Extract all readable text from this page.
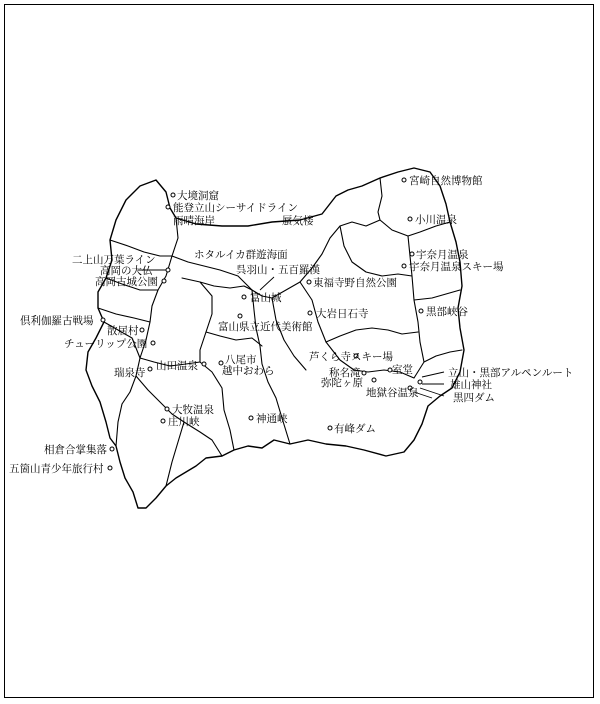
宮崎自然博物館
大境洞窟
能登立山シーサイドライン
雨晴海岸	蜃気楼	小川温泉
ホタルイカ群遊海面	宇奈月温泉
宇奈月温泉スキー場
二上山万葉ライン
高岡の大仏
高岡古城公園
呉羽山・五百羅漢
東福寺野自然公園
富山城
黒部峡谷
倶利伽羅古戦場
大岩日石寺
散居村	富山県立近代美術館
チューリップ公園
山田温泉	八尾市
越中おわら
瑞泉寺
芦くら寺スキー場
称名滝
弥陀ヶ原
室堂	立山・黒部アルペンルート
雄山神社
地獄谷温泉	黒四ダム
大牧温泉
庄川峡	神通峡
有峰ダム
相倉合掌集落
五箇山青少年旅行村
